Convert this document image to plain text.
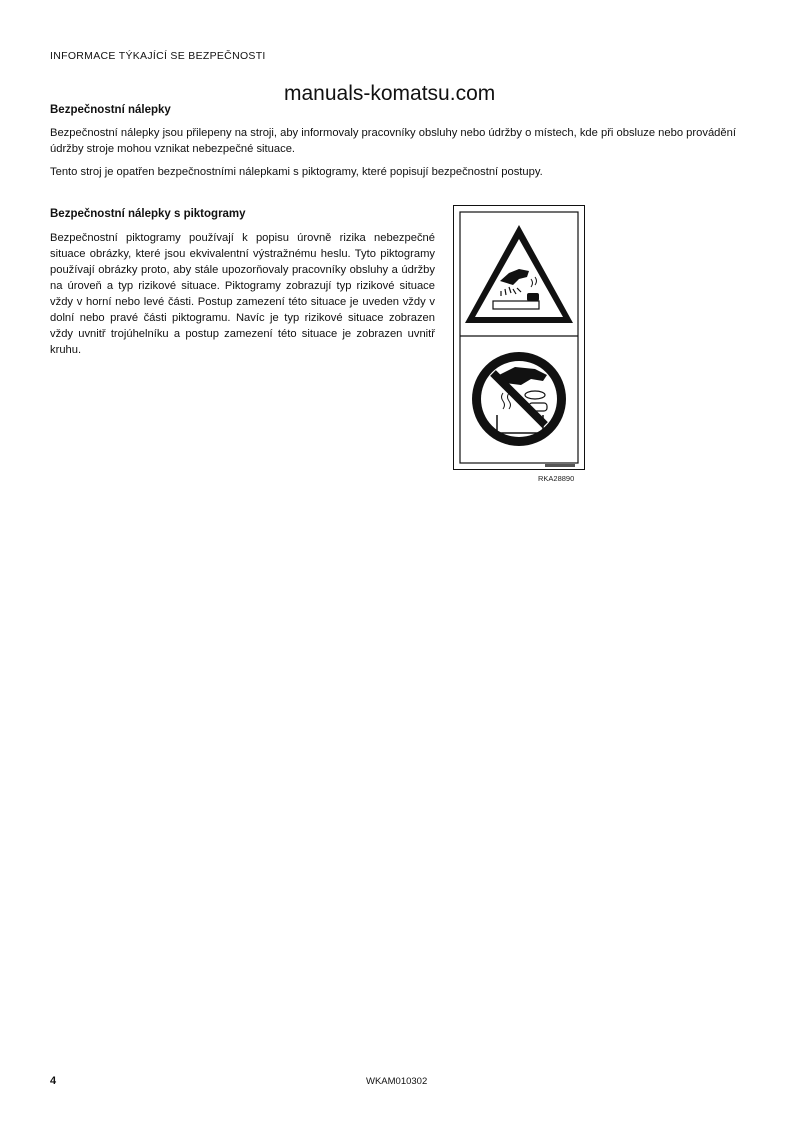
INFORMACE TÝKAJÍCÍ SE BEZPEČNOSTI
manuals-komatsu.com
Bezpečnostní nálepky
Bezpečnostní nálepky jsou přilepeny na stroji, aby informovaly pracovníky obsluhy nebo údržby o místech, kde při obsluze nebo provádění údržby stroje mohou vznikat nebezpečné situace.
Tento stroj je opatřen bezpečnostními nálepkami s piktogramy, které popisují bezpečnostní postupy.
Bezpečnostní nálepky s piktogramy
Bezpečnostní piktogramy používají k popisu úrovně rizika nebezpečné situace obrázky, které jsou ekvivalentní výstražnému heslu. Tyto piktogramy používají obrázky proto, aby stále upozorňovaly pracovníky obsluhy a údržby na úroveň a typ rizikové situace. Piktogramy zobrazují typ rizikové situace vždy v horní nebo levé části. Postup zamezení této situace je uveden vždy v dolní nebo pravé části piktogramu. Navíc je typ rizikové situace zobrazen vždy uvnitř trojúhelníku a postup zamezení této situace je zobrazen uvnitř kruhu.
RKA28890
4	WKAM010302
